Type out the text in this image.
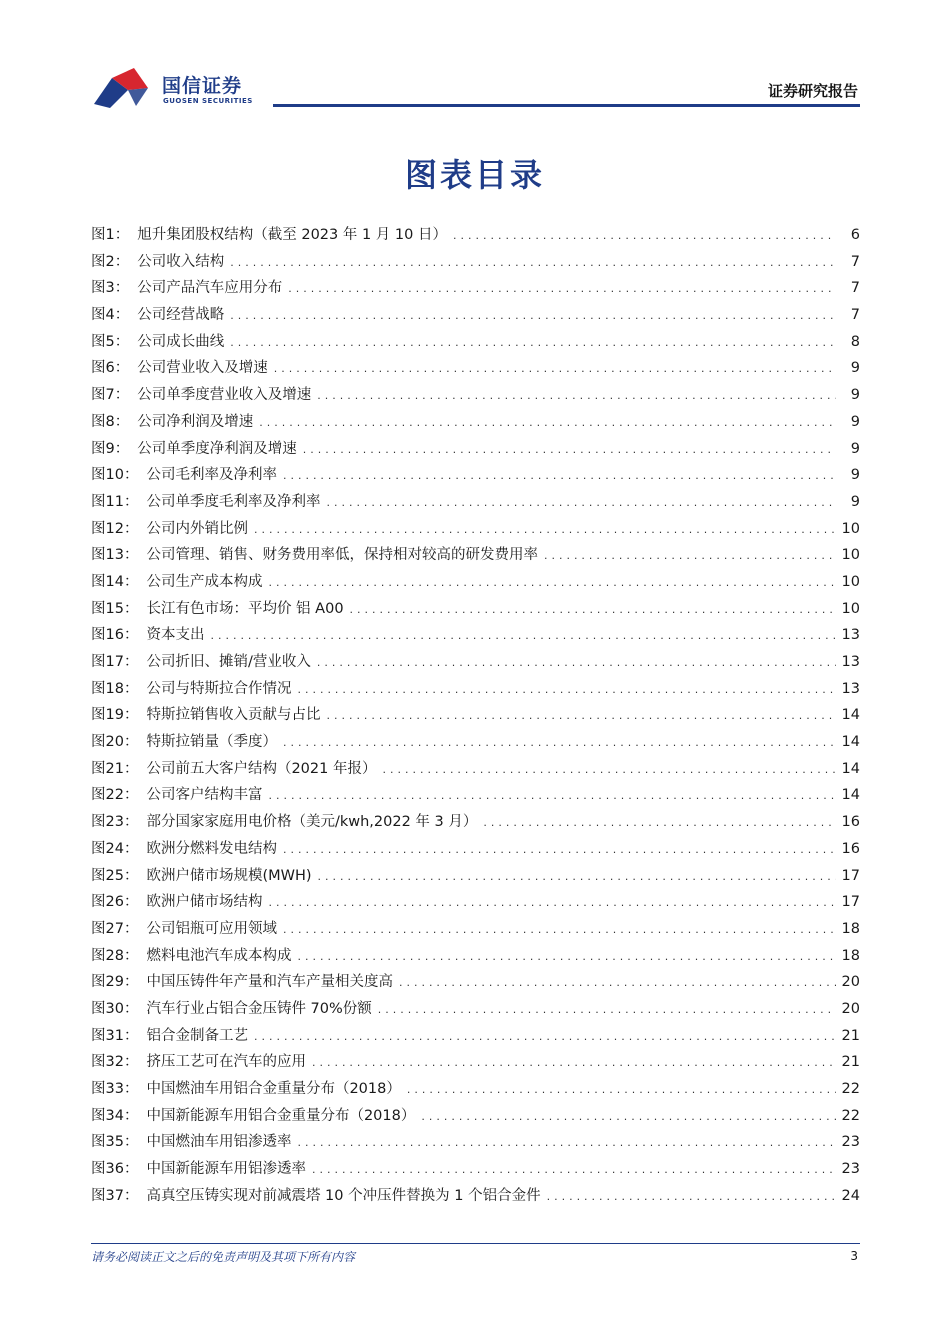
国信证券
GUOSEN SECURITIES
证券研究报告
图表目录
图1： 旭升集团股权结构（截至 2023 年 1 月 10 日） .....	6
图2： 公司收入结构 .....	7
图3： 公司产品汽车应用分布 .....	7
图4： 公司经营战略 .....	7
图5： 公司成长曲线 .....	8
图6： 公司营业收入及增速 .....	9
图7： 公司单季度营业收入及增速 .....	9
图8： 公司净利润及增速 .....	9
图9： 公司单季度净利润及增速 .....	9
图10： 公司毛利率及净利率 .....	9
图11： 公司单季度毛利率及净利率 .....	9
图12： 公司内外销比例 .....	10
图13： 公司管理、销售、财务费用率低，保持相对较高的研发费用率 .....	10
图14： 公司生产成本构成 .....	10
图15： 长江有色市场：平均价 铝 A00 .....	10
图16： 资本支出 .....	13
图17： 公司折旧、摊销/营业收入 .....	13
图18： 公司与特斯拉合作情况 .....	13
图19： 特斯拉销售收入贡献与占比 .....	14
图20： 特斯拉销量（季度） .....	14
图21： 公司前五大客户结构（2021 年报） .....	14
图22： 公司客户结构丰富 .....	14
图23： 部分国家家庭用电价格（美元/kwh,2022 年 3 月） .....	16
图24： 欧洲分燃料发电结构 .....	16
图25： 欧洲户储市场规模(MWH) .....	17
图26： 欧洲户储市场结构 .....	17
图27： 公司铝瓶可应用领域 .....	18
图28： 燃料电池汽车成本构成 .....	18
图29： 中国压铸件年产量和汽车产量相关度高 .....	20
图30： 汽车行业占铝合金压铸件 70%份额 .....	20
图31： 铝合金制备工艺 .....	21
图32： 挤压工艺可在汽车的应用 .....	21
图33： 中国燃油车用铝合金重量分布（2018） .....	22
图34： 中国新能源车用铝合金重量分布（2018） .....	22
图35： 中国燃油车用铝渗透率 .....	23
图36： 中国新能源车用铝渗透率 .....	23
图37： 高真空压铸实现对前减震塔 10 个冲压件替换为 1 个铝合金件 .....	24
请务必阅读正文之后的免责声明及其项下所有内容	3
